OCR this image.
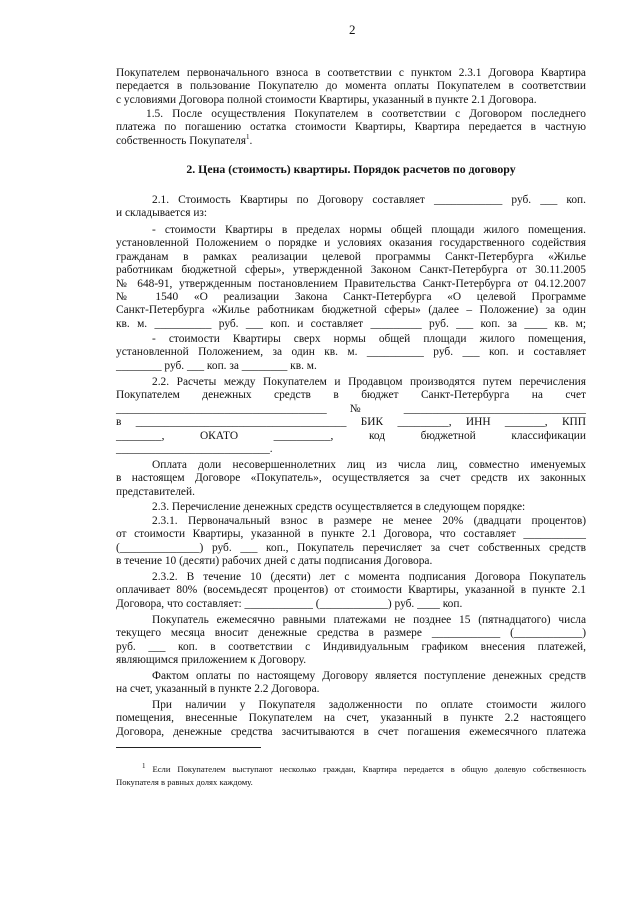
2
Покупателем первоначального взноса в соответствии с пунктом 2.3.1 Договора Квартира
передается в пользование Покупателю до момента оплаты Покупателем в соответствии
с условиями Договора полной стоимости Квартиры, указанный в пункте 2.1 Договора.
1.5. После осуществления Покупателем в соответствии с Договором последнего
платежа по погашению остатка стоимости Квартиры, Квартира передается в частную
собственность Покупателя$^1$.
2. Цена (стоимость) квартиры. Порядок расчетов по договору
2.1. Стоимость Квартиры по Договору составляет ____________ руб. ___ коп.
и складывается из:
- стоимости Квартиры в пределах нормы общей площади жилого помещения.
установленной Положением о порядке и условиях оказания государственного содействия
гражданам в рамках реализации целевой программы Санкт-Петербурга «Жилье
работникам бюджетной сферы», утвержденной Законом Санкт-Петербурга от 30.11.2005
№ 648-91, утвержденным постановлением Правительства Санкт-Петербурга от 04.12.2007
№ 1540 «О реализации Закона Санкт-Петербурга «О целевой Программе
Санкт-Петербурга «Жилье работникам бюджетной сферы» (далее – Положение) за один
кв. м. __________ руб. ___ коп. и составляет _________ руб. ___ коп. за ____ кв. м;
- стоимости Квартиры сверх нормы общей площади жилого помещения,
установленной Положением, за один кв. м. __________ руб. ___ коп. и составляет
________ руб. ___ коп. за ________ кв. м.
2.2. Расчеты между Покупателем и Продавцом производятся путем перечисления
Покупателем денежных средств в бюджет Санкт-Петербурга на счет
_____________________________________ № ________________________________
в _____________________________________ БИК _________, ИНН _______, КПП
________, ОКАТО __________, код бюджетной классификации
___________________________.
Оплата доли несовершеннолетних лиц из числа лиц, совместно именуемых
в настоящем Договоре «Покупатель», осуществляется за счет средств их законных
представителей.
2.3. Перечисление денежных средств осуществляется в следующем порядке:
2.3.1. Первоначальный взнос в размере не менее 20% (двадцати процентов)
от стоимости Квартиры, указанной в пункте 2.1 Договора, что составляет ___________
(______________) руб. ___ коп., Покупатель перечисляет за счет собственных средств
в течение 10 (десяти) рабочих дней с даты подписания Договора.
2.3.2. В течение 10 (десяти) лет с момента подписания Договора Покупатель
оплачивает 80% (восемьдесят процентов) от стоимости Квартиры, указанной в пункте 2.1
Договора, что составляет: ____________ (____________) руб. ____ коп.
Покупатель ежемесячно равными платежами не позднее 15 (пятнадцатого) числа
текущего месяца вносит денежные средства в размере ____________ (____________)
руб. ___ коп. в соответствии с Индивидуальным графиком внесения платежей,
являющимся приложением к Договору.
Фактом оплаты по настоящему Договору является поступление денежных средств
на счет, указанный в пункте 2.2 Договора.
При наличии у Покупателя задолженности по оплате стоимости жилого
помещения, внесенные Покупателем на счет, указанный в пункте 2.2 настоящего
Договора, денежные средства засчитываются в счет погашения ежемесячного платежа
$^1$ Если Покупателем выступают несколько граждан, Квартира передается в общую долевую собственность
Покупателя в равных долях каждому.
